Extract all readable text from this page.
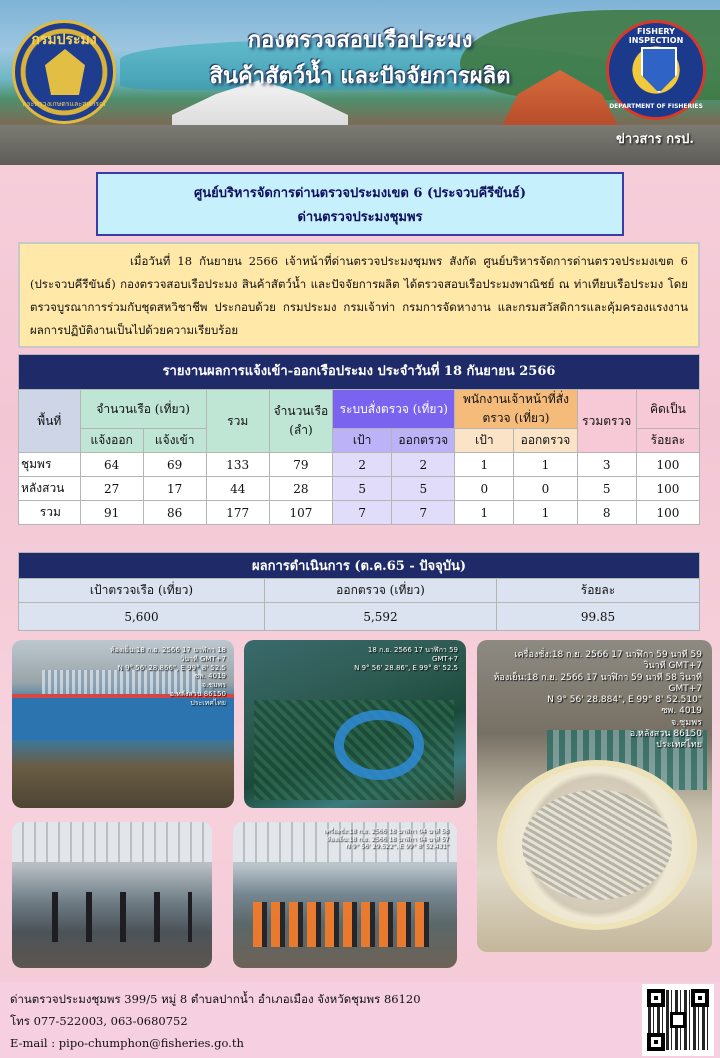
กรมประมง
กระทรวงเกษตรและสหกรณ์
กองตรวจสอบเรือประมง
สินค้าสัตว์น้ำ และปัจจัยการผลิต
FISHERY INSPECTION
DEPARTMENT OF FISHERIES
ข่าวสาร กรป.
ศูนย์บริหารจัดการด่านตรวจประมงเขต 6 (ประจวบคีรีขันธ์)
ด่านตรวจประมงชุมพร
เมื่อวันที่ 18 กันยายน 2566 เจ้าหน้าที่ด่านตรวจประมงชุมพร สังกัด ศูนย์บริหารจัดการด่านตรวจประมงเขต 6 (ประจวบคีรีขันธ์) กองตรวจสอบเรือประมง สินค้าสัตว์น้ำ และปัจจัยการผลิต ได้ตรวจสอบเรือประมงพาณิชย์ ณ ท่าเทียบเรือประมง โดยตรวจบูรณาการร่วมกับชุดสหวิชาชีพ ประกอบด้วย กรมประมง กรมเจ้าท่า กรมการจัดหางาน และกรมสวัสดิการและคุ้มครองแรงงาน ผลการปฏิบัติงานเป็นไปด้วยความเรียบร้อย
รายงานผลการแจ้งเข้า-ออกเรือประมง ประจำวันที่ 18 กันยายน 2566										
พื้นที่	จำนวนเรือ (เที่ยว)		รวม	จำนวนเรือ (ลำ)	ระบบสั่งตรวจ (เที่ยว)		พนักงานเจ้าหน้าที่สั่งตรวจ (เที่ยว)		รวมตรวจ	คิดเป็น
	แจ้งออก	แจ้งเข้า			เป้า	ออกตรวจ	เป้า	ออกตรวจ		ร้อยละ
ชุมพร	64	69	133	79	2	2	1	1	3	100
หลังสวน	27	17	44	28	5	5	0	0	5	100
รวม	91	86	177	107	7	7	1	1	8	100
ผลการดำเนินการ (ต.ค.65 - ปัจจุบัน)		
เป้าตรวจเรือ (เที่ยว)	ออกตรวจ (เที่ยว)	ร้อยละ
5,600	5,592	99.85
ห้องเย็น:18 ก.ย. 2566 17 นาฬิกา 18
วินาที GMT+7
N 9° 56' 28.866", E 99° 8' 52.5
ซพ. 4019
จ.ชุมพร
อ.หลังสวน 86150
ประเทศไทย
18 ก.ย. 2566 17 นาฬิกา 59
GMT+7
N 9° 56' 28.86", E 99° 8' 52.5
เครื่องชั่ง:18 ก.ย. 2566 17 นาฬิกา 59 นาที 59
วินาที GMT+7
ห้องเย็น:18 ก.ย. 2566 17 นาฬิกา 59 นาที 58 วินาที
GMT+7
N 9° 56' 28.884", E 99° 8' 52.510"
ซพ. 4019
จ.ชุมพร
อ.หลังสวน 86150
ประเทศไทย
เครื่องชั่ง:18 ก.ย. 2566 18 นาฬิกา 04 นาที 58
ห้องเย็น:18 ก.ย. 2566 18 นาฬิกา 04 นาที 57
N 9° 56' 29.522", E 99° 8' 52.431"
ด่านตรวจประมงชุมพร 399/5 หมู่ 8 ตำบลปากน้ำ อำเภอเมือง จังหวัดชุมพร 86120
โทร 077-522003, 063-0680752
E-mail : pipo-chumphon@fisheries.go.th
